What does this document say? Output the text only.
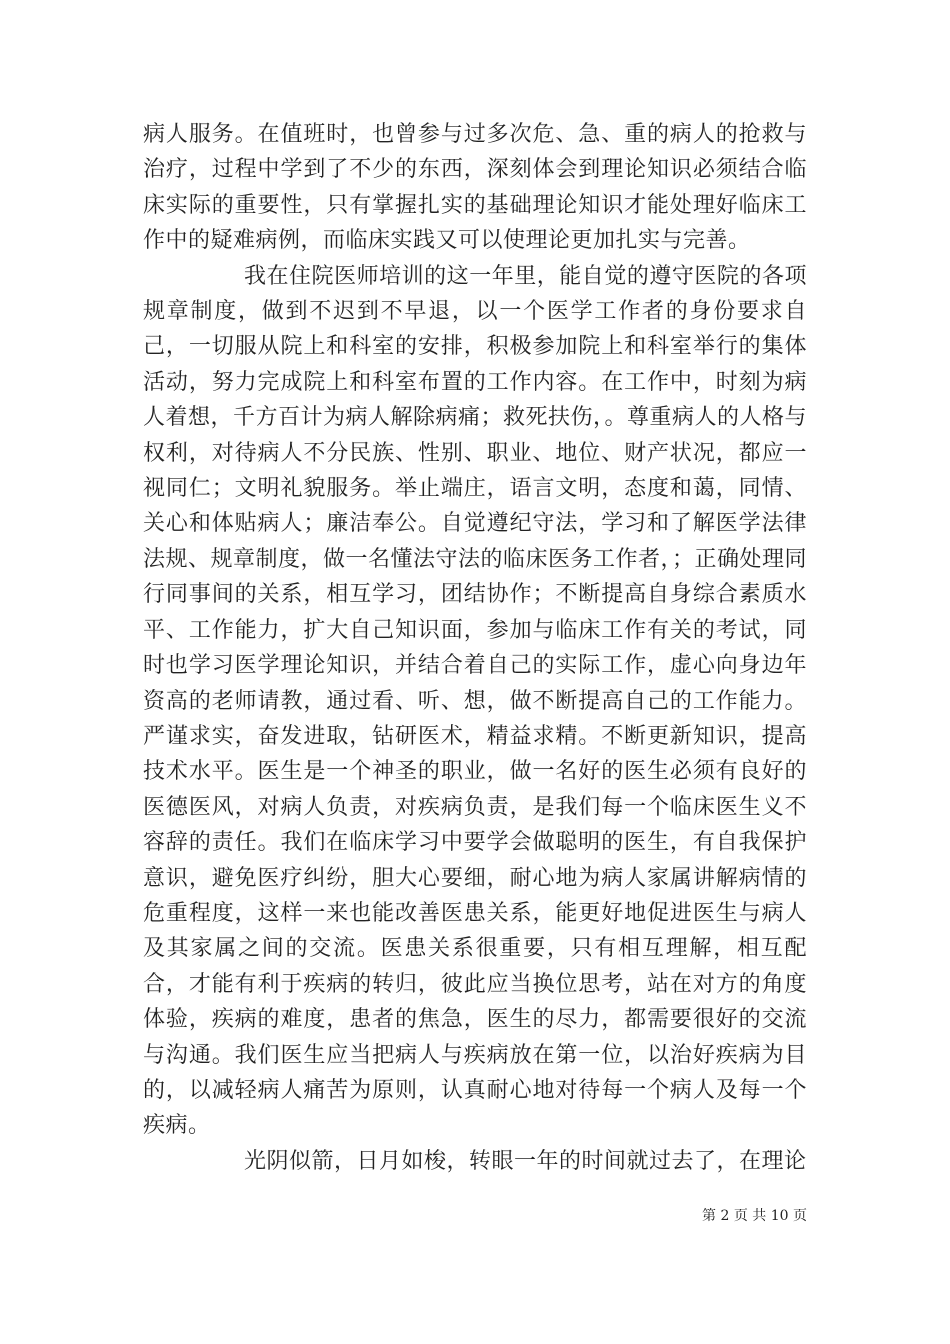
病人服务。在值班时，也曾参与过多次危、急、重的病人的抢救与治疗，过程中学到了不少的东西，深刻体会到理论知识必须结合临床实际的重要性，只有掌握扎实的基础理论知识才能处理好临床工作中的疑难病例，而临床实践又可以使理论更加扎实与完善。

我在住院医师培训的这一年里，能自觉的遵守医院的各项规章制度，做到不迟到不早退，以一个医学工作者的身份要求自己，一切服从院上和科室的安排，积极参加院上和科室举行的集体活动，努力完成院上和科室布置的工作内容。在工作中，时刻为病人着想，千方百计为病人解除病痛；救死扶伤，。尊重病人的人格与权利，对待病人不分民族、性别、职业、地位、财产状况，都应一视同仁；文明礼貌服务。举止端庄，语言文明，态度和蔼，同情、关心和体贴病人；廉洁奉公。自觉遵纪守法，学习和了解医学法律法规、规章制度，做一名懂法守法的临床医务工作者，；正确处理同行同事间的关系，相互学习，团结协作；不断提高自身综合素质水平、工作能力，扩大自己知识面，参加与临床工作有关的考试，同时也学习医学理论知识，并结合着自己的实际工作，虚心向身边年资高的老师请教，通过看、听、想，做不断提高自己的工作能力。严谨求实，奋发进取，钻研医术，精益求精。不断更新知识，提高技术水平。医生是一个神圣的职业，做一名好的医生必须有良好的医德医风，对病人负责，对疾病负责，是我们每一个临床医生义不容辞的责任。我们在临床学习中要学会做聪明的医生，有自我保护意识，避免医疗纠纷，胆大心要细，耐心地为病人家属讲解病情的危重程度，这样一来也能改善医患关系，能更好地促进医生与病人及其家属之间的交流。医患关系很重要，只有相互理解，相互配合，才能有利于疾病的转归，彼此应当换位思考，站在对方的角度体验，疾病的难度，患者的焦急，医生的尽力，都需要很好的交流与沟通。我们医生应当把病人与疾病放在第一位，以治好疾病为目的，以减轻病人痛苦为原则，认真耐心地对待每一个病人及每一个疾病。

光阴似箭，日月如梭，转眼一年的时间就过去了，在理论

第 2 页 共 10 页
